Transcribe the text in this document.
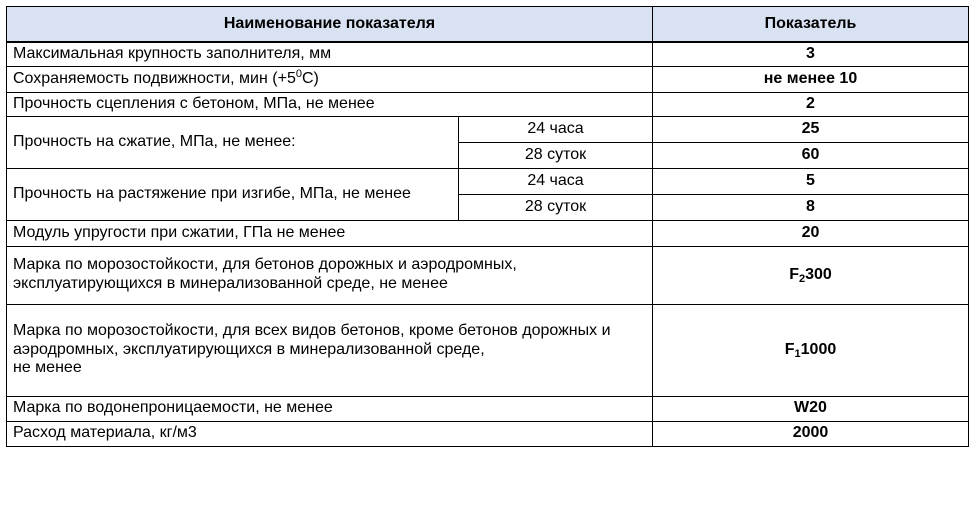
Наименование показателя		Показатель
Максимальная крупность заполнителя, мм		3
Сохраняемость подвижности, мин $(+5^0С)$		не менее 10
Прочность сцепления с бетоном, МПа, не менее		2
Прочность на сжатие, МПа, не менее:	24 часа	25
	28 суток	60
Прочность на растяжение при изгибе, МПа, не менее	24 часа	5
	28 суток	8
Модуль упругости при сжатии, ГПа не менее		20
Марка по морозостойкости, для бетонов дорожных и аэродромных, эксплуатирующихся в минерализованной среде, не менее		$F_2300$
Марка по морозостойкости, для всех видов бетонов, кроме бетонов дорожных и аэродромных, эксплуатирующихся в минерализованной среде,
не менее		$F_11000$
Марка по водонепроницаемости, не менее		W20
Расход материала, кг/м3		2000
